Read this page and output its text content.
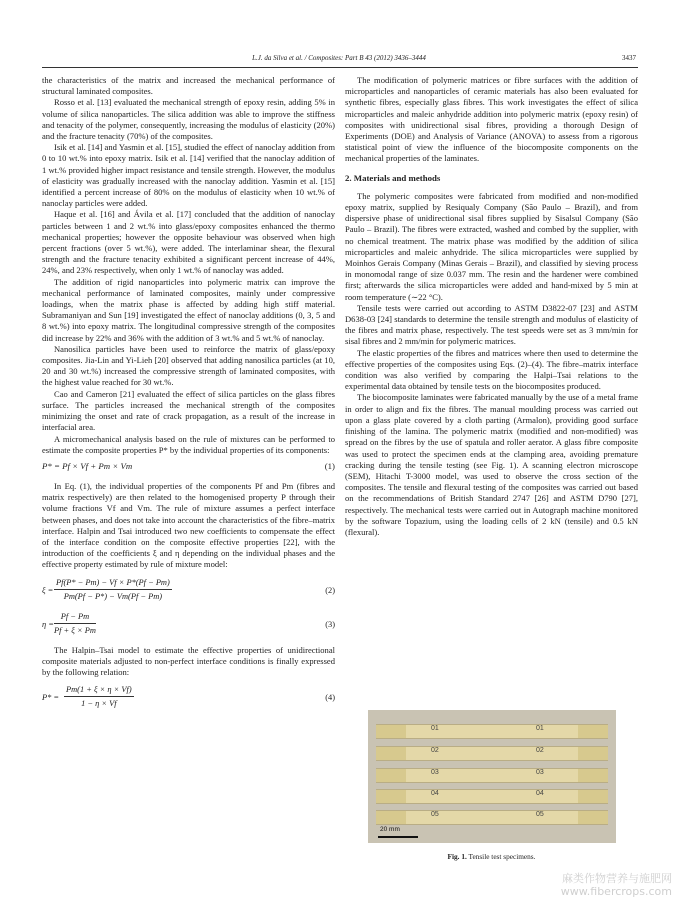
L.J. da Silva et al. / Composites: Part B 43 (2012) 3436–3444	3437

the characteristics of the matrix and increased the mechanical performance of structural laminated composites.

Rosso et al. [13] evaluated the mechanical strength of epoxy resin, adding 5% in volume of silica nanoparticles. The silica addition was able to improve the stiffness and tenacity of the polymer, consequently, increasing the modulus of elasticity (20%) and the fracture tenacity (70%) of the composites.

Isik et al. [14] and Yasmin et al. [15], studied the effect of nanoclay addition from 0 to 10 wt.% into epoxy matrix. Isik et al. [14] verified that the nanoclay addition of 1 wt.% provided higher impact resistance and tensile strength. However, the modulus of elasticity was gradually increased with the nanoclay addition. Yasmin et al. [15] identified a percent increase of 80% on the modulus of elasticity when 10 wt.% of nanoclay particles were added.

Haque et al. [16] and Ávila et al. [17] concluded that the addition of nanoclay particles between 1 and 2 wt.% into glass/epoxy composites enhanced the thermo mechanical properties; however the opposite behaviour was observed when high percent fractions (over 5 wt.%), were added. The interlaminar shear, the flexural strength and the fracture tenacity exhibited a significant percent increase of 44%, 24%, and 23% respectively, when only 1 wt.% of nanoclay was added.

The addition of rigid nanoparticles into polymeric matrix can improve the mechanical performance of laminated composites, mainly under compressive loadings, when the matrix phase is affected by adding high stiff material. Subramaniyan and Sun [19] investigated the effect of nanoclay additions (0, 3, 5 and 8 wt.%) into epoxy matrix. The longitudinal compressive strength of the composites did increase by 22% and 36% with the addition of 3 wt.% and 5 wt.% of nanoclay.

Nanosilica particles have been used to reinforce the matrix of glass/epoxy composites. Jia-Lin and Yi-Lieh [20] observed that adding nanosilica particles (at 10, 20 and 30 wt.%) increased the compressive strength of laminated composites, with the highest value reached for 30 wt.%.

Cao and Cameron [21] evaluated the effect of silica particles on the glass fibres surface. The particles increased the mechanical strength of the composites minimizing the onset and rate of crack propagation, as a result of the increase in interfacial area.

A micromechanical analysis based on the rule of mixtures can be performed to estimate the composite properties P* by the individual properties of its components:

P* = Pf × Vf + Pm × Vm	(1)

In Eq. (1), the individual properties of the components Pf and Pm (fibres and matrix respectively) are then related to the homogenised property P through their volume fractions Vf and Vm. The rule of mixture assumes a perfect interface between phases, and does not take into account the characteristics of the fibre–matrix interface. Halpin and Tsai introduced two new coefficients to compensate the effect of the interface condition on the composite effective properties [22], with the introduction of the coefficients ξ and η depending on the individual phases and the effective property estimated by rule of mixture model:

$\xi = \frac{Pf(P* - Pm) - Vf \times P*(Pf - Pm)}{Pm(Pf - P*) - Vm(Pf - Pm)}$	(2)
$\eta = \frac{Pf - Pm}{Pf + \xi \times Pm}$	(3)

The Halpin–Tsai model to estimate the effective properties of unidirectional composite materials adjusted to non-perfect interface conditions is finally expressed by the following relation:

$P* = \frac{Pm(1 + \xi \times \eta \times Vf)}{1 - \eta \times Vf}$	(4)

The modification of polymeric matrices or fibre surfaces with the addition of microparticles and nanoparticles of ceramic materials has also been evaluated for synthetic fibres, especially glass fibres. This work investigates the effect of silica microparticles and maleic anhydride addition into polymeric matrix (epoxy resin) of composites with unidirectional sisal fibres, providing a thorough Design of Experiments (DOE) and Analysis of Variance (ANOVA) to assess from a rigorous statistical point of view the influence of the biocomposite components on the mechanical properties of the laminates.

2. Materials and methods

The polymeric composites were fabricated from modified and non-modified epoxy matrix, supplied by Resiqualy Company (São Paulo – Brazil), and from dispersive phase of unidirectional sisal fibres supplied by Sisalsul Company (São Paulo – Brazil). The fibres were extracted, washed and combed by the supplier, with no chemical treatment. The matrix phase was modified by the addition of silica microparticles and maleic anhydride. The silica microparticles were supplied by Moinhos Gerais Company (Minas Gerais – Brazil), and classified by sieving process in monomodal range of size 0.037 mm. The resin and the hardener were combined first; afterwards the silica microparticles were added and hand-mixed by 5 min at room temperature (∼22 °C).

Tensile tests were carried out according to ASTM D3822-07 [23] and ASTM D638-03 [24] standards to determine the tensile strength and modulus of elasticity of the fibres and matrix phase, respectively. The test speeds were set as 3 mm/min for sisal fibres and 2 mm/min for polymeric matrices.

The elastic properties of the fibres and matrices where then used to determine the effective properties of the composites using Eqs. (2)–(4). The fibre–matrix interface condition was also verified by comparing the Halpi–Tsai relations to the experimental data obtained by tensile tests on the biocomposites produced.

The biocomposite laminates were fabricated manually by the use of a metal frame in order to align and fix the fibres. The manual moulding process was carried out upon a glass plate covered by a cloth parting (Armalon), providing good surface finishing of the lamina. The polymeric matrix (modified and non-modified) was spread on the fibres by the use of spatula and roller aerator. A glass fibre composite was used to protect the specimen ends at the clamping area, avoiding premature cracking during the tensile testing (see Fig. 1). A scanning electron microscope (SEM), Hitachi T-3000 model, was used to observe the cross section of the composites. The tensile and flexural testing of the composites was carried out based on the recommendations of British Standard 2747 [26] and ASTM D790 [27], respectively. The mechanical tests were carried out in Autograph machine monitored by the software Topazium, using the loading cells of 2 kN (tensile) and 0.5 kN (flexural).

01	01
02	02
03	03
04	04
05	05
20 mm
Fig. 1. Tensile test specimens.
麻类作物营养与施肥网
www.fibercrops.com
